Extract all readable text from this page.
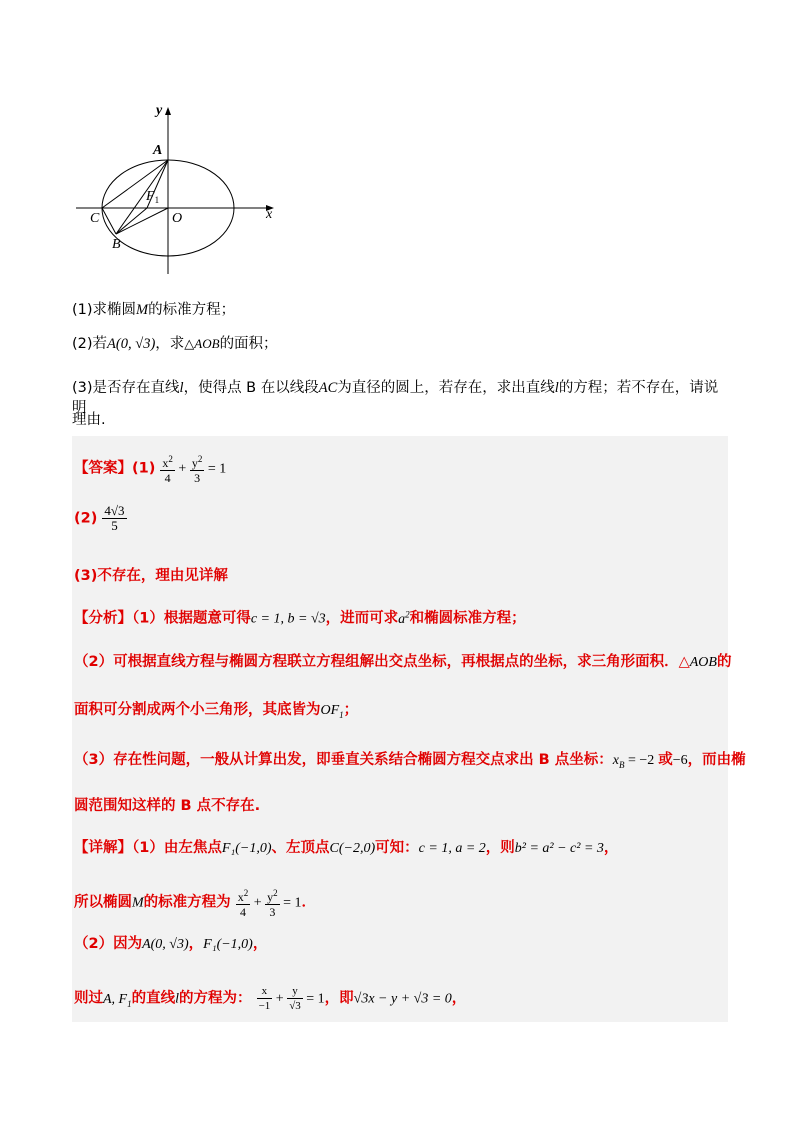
y
x
A
$F_1$
C	O
B
(1)求椭圆M的标准方程；
(2)若A(0, √3)，求△AOB的面积；
(3)是否存在直线l，使得点 B 在以线段AC为直径的圆上，若存在，求出直线l的方程；若不存在，请说明
理由.
【答案】$(1) \frac{x^2}{4} + \frac{y^2}{3} = 1$
$(2) \frac{4√3}{5}$
(3)不存在，理由见详解
【分析】（1）根据题意可得c = 1, b = √3，进而可求$a^2$和椭圆标准方程；
（2）可根据直线方程与椭圆方程联立方程组解出交点坐标，再根据点的坐标，求三角形面积．△AOB的
面积可分割成两个小三角形，其底皆为$OF_1$；
（3）存在性问题，一般从计算出发，即垂直关系结合椭圆方程交点求出 B 点坐标：$x_B = -2$ 或−6，而由椭
圆范围知这样的 B 点不存在.
【详解】（1）由左焦点F₁(−1,0)、左顶点C(−2,0)可知：c = 1, a = 2，则b² = a² − c² = 3，
所以椭圆M的标准方程为 $\frac{x^2}{4} + \frac{y^2}{3} = 1$．
（2）因为A(0, √3)，F₁(−1,0)，
则过A, $F_1$的直线l的方程为： $\frac{x}{-1} + \frac{y}{√3} = 1$，即√3x − y + √3 = 0，
